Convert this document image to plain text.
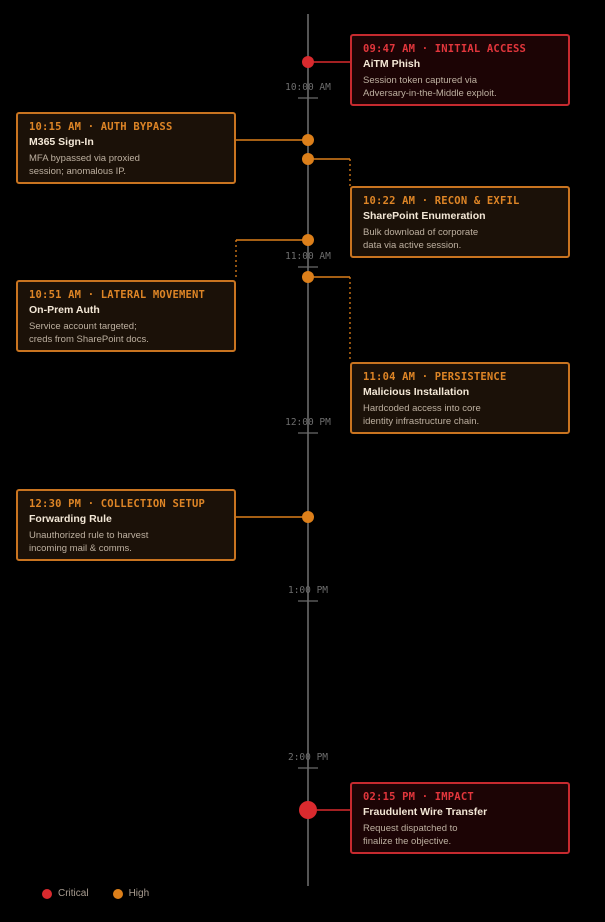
10:00 AM
11:00 AM
12:00 PM
1:00 PM
2:00 PM
09:47 AM · INITIAL ACCESS
AiTM Phish
Session token captured via
Adversary-in-the-Middle exploit.
10:15 AM · AUTH BYPASS
M365 Sign-In
MFA bypassed via proxied
session; anomalous IP.
10:22 AM · RECON & EXFIL
SharePoint Enumeration
Bulk download of corporate
data via active session.
10:51 AM · LATERAL MOVEMENT
On-Prem Auth
Service account targeted;
creds from SharePoint docs.
11:04 AM · PERSISTENCE
Malicious Installation
Hardcoded access into core
identity infrastructure chain.
12:30 PM · COLLECTION SETUP
Forwarding Rule
Unauthorized rule to harvest
incoming mail & comms.
02:15 PM · IMPACT
Fraudulent Wire Transfer
Request dispatched to
finalize the objective.
Critical	High
